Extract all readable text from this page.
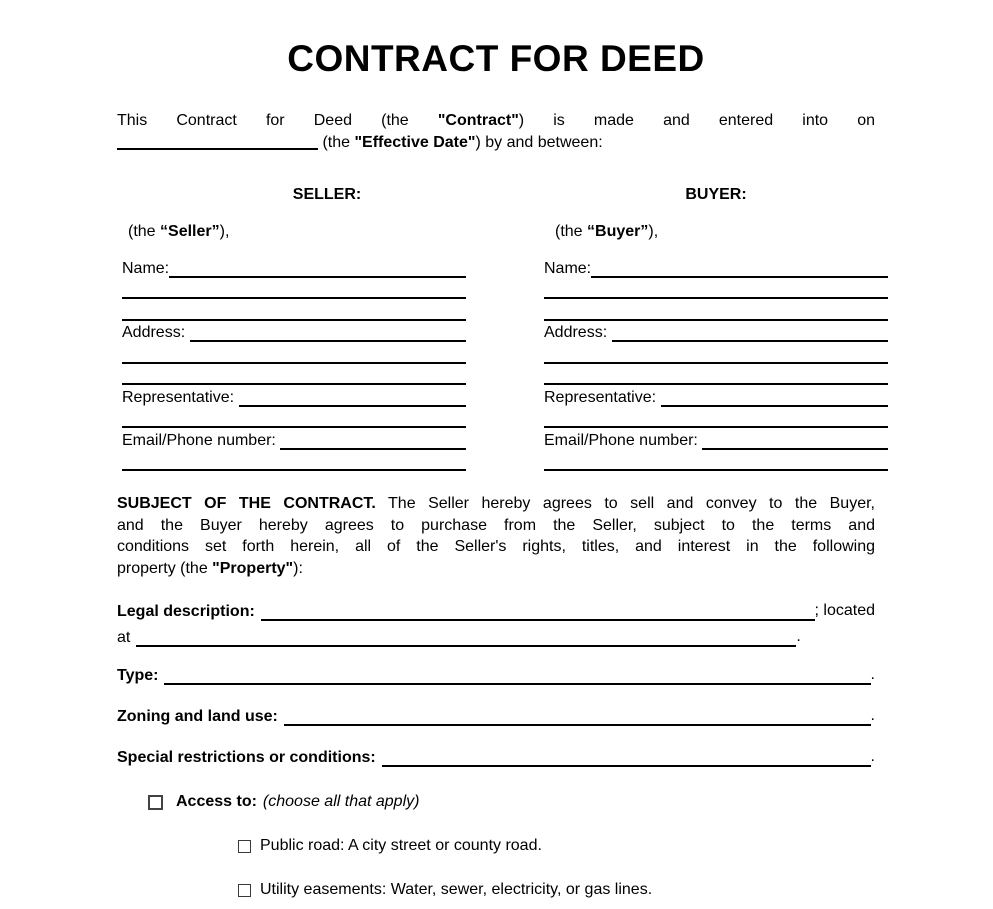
CONTRACT FOR DEED
This Contract for Deed (the "Contract") is made and entered into on
(the "Effective Date") by and between:
SELLER:	BUYER:
(the “Seller”),
Name:
Address:
Representative:
Email/Phone number:
(the “Buyer”),
Name:
Address:
Representative:
Email/Phone number:
SUBJECT OF THE CONTRACT. The Seller hereby agrees to sell and convey to the Buyer,
and the Buyer hereby agrees to purchase from the Seller, subject to the terms and
conditions set forth herein, all of the Seller's rights, titles, and interest in the following
property (the "Property"):
Legal description:	; located
at	.
Type:	.
Zoning and land use:	.
Special restrictions or conditions:	.
Access to: (choose all that apply)
Public road: A city street or county road.
Utility easements: Water, sewer, electricity, or gas lines.
